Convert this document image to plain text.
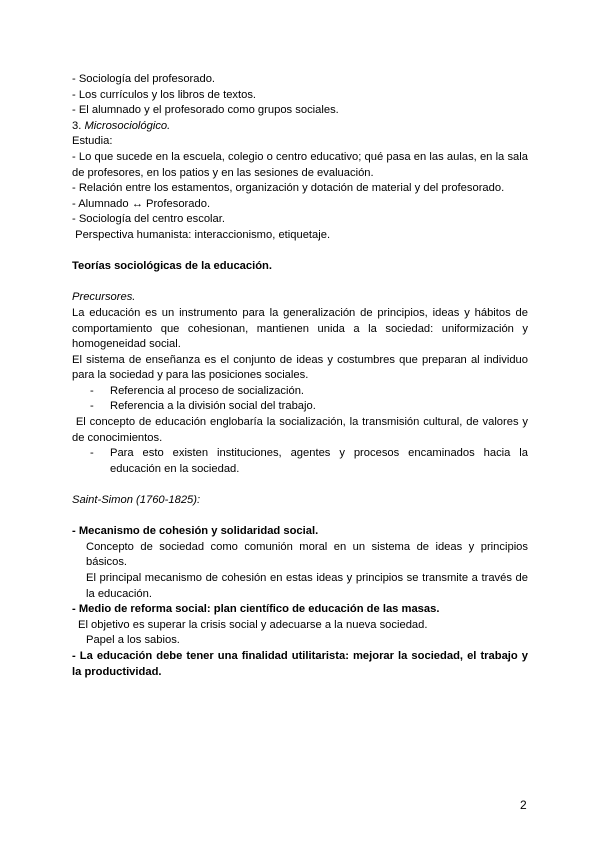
- Sociología del profesorado.

- Los currículos y los libros de textos.

- El alumnado y el profesorado como grupos sociales.

3. Microsociológico.

Estudia:

- Lo que sucede en la escuela, colegio o centro educativo; qué pasa en las aulas, en la sala de profesores, en los patios y en las sesiones de evaluación.

- Relación entre los estamentos, organización y dotación de material y del profesorado.

- Alumnado ↔ Profesorado.

- Sociología del centro escolar.

Perspectiva humanista: interaccionismo, etiquetaje.

Teorías sociológicas de la educación.

Precursores.

La educación es un instrumento para la generalización de principios, ideas y hábitos de comportamiento que cohesionan, mantienen unida a la sociedad: uniformización y homogeneidad social.

El sistema de enseñanza es el conjunto de ideas y costumbres que preparan al individuo para la sociedad y para las posiciones sociales.

- Referencia al proceso de socialización.

- Referencia a la división social del trabajo.

El concepto de educación englobaría la socialización, la transmisión cultural, de valores y de conocimientos.

- Para esto existen instituciones, agentes y procesos encaminados hacia la educación en la sociedad.

Saint-Simon (1760-1825):

- Mecanismo de cohesión y solidaridad social.

Concepto de sociedad como comunión moral en un sistema de ideas y principios básicos.

El principal mecanismo de cohesión en estas ideas y principios se transmite a través de la educación.

- Medio de reforma social: plan científico de educación de las masas.

El objetivo es superar la crisis social y adecuarse a la nueva sociedad.

Papel a los sabios.

- La educación debe tener una finalidad utilitarista: mejorar la sociedad, el trabajo y la productividad.

2
